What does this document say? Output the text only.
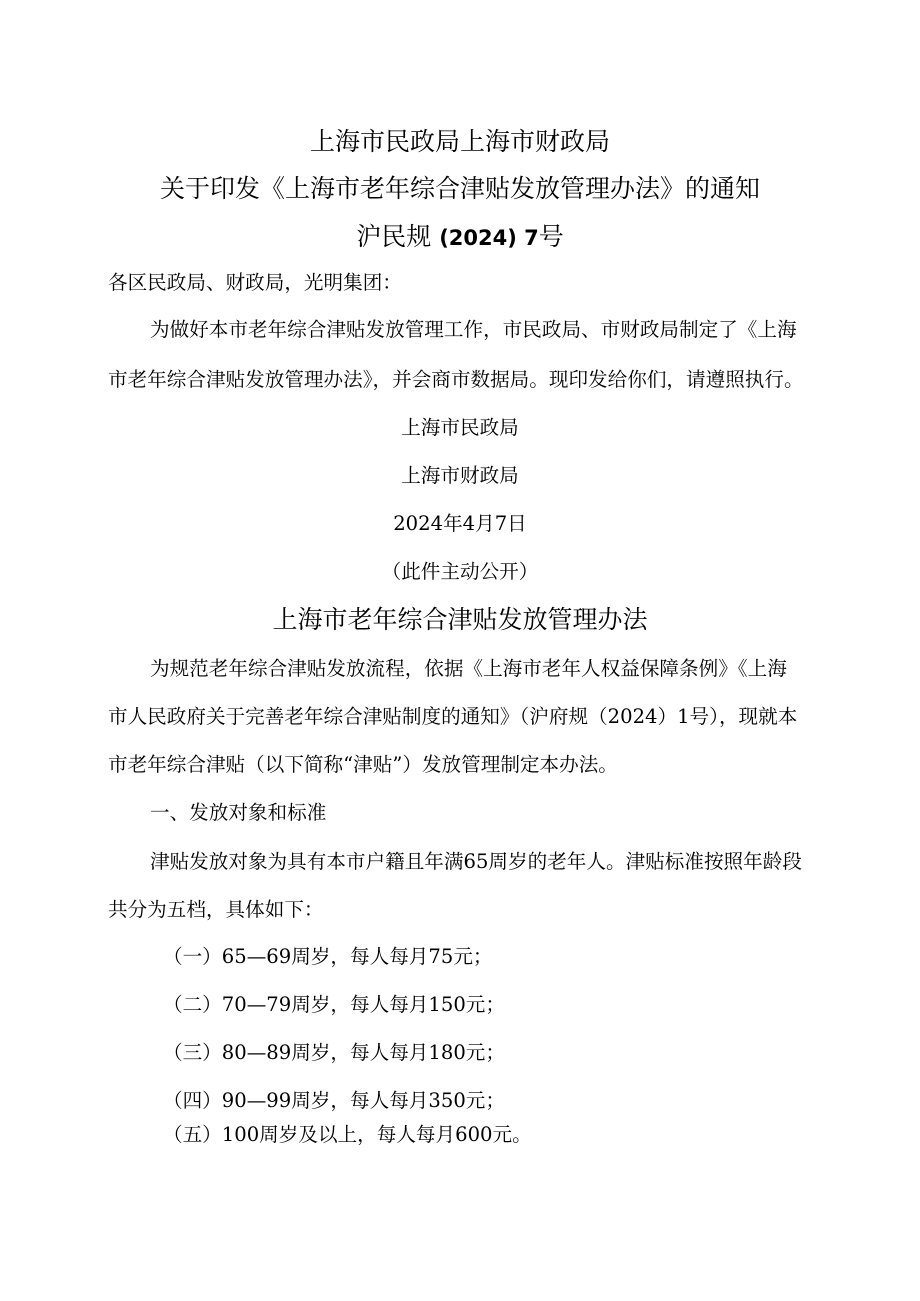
上海市民政局上海市财政局
关于印发《上海市老年综合津贴发放管理办法》的通知
沪民规 (2024) 7号
各区民政局、财政局，光明集团：
为做好本市老年综合津贴发放管理工作，市民政局、市财政局制定了《上海
市老年综合津贴发放管理办法》，并会商市数据局。现印发给你们，请遵照执行。
上海市民政局
上海市财政局
2024年4月7日
（此件主动公开）
上海市老年综合津贴发放管理办法
为规范老年综合津贴发放流程，依据《上海市老年人权益保障条例》《上海
市人民政府关于完善老年综合津贴制度的通知》（沪府规（2024）1号），现就本
市老年综合津贴（以下简称“津贴”）发放管理制定本办法。
一、发放对象和标准
津贴发放对象为具有本市户籍且年满65周岁的老年人。津贴标准按照年龄段
共分为五档，具体如下：
（一）65—69周岁，每人每月75元；
（二）70—79周岁，每人每月150元；
（三）80—89周岁，每人每月180元；
（四）90—99周岁，每人每月350元；
（五）100周岁及以上，每人每月600元。
